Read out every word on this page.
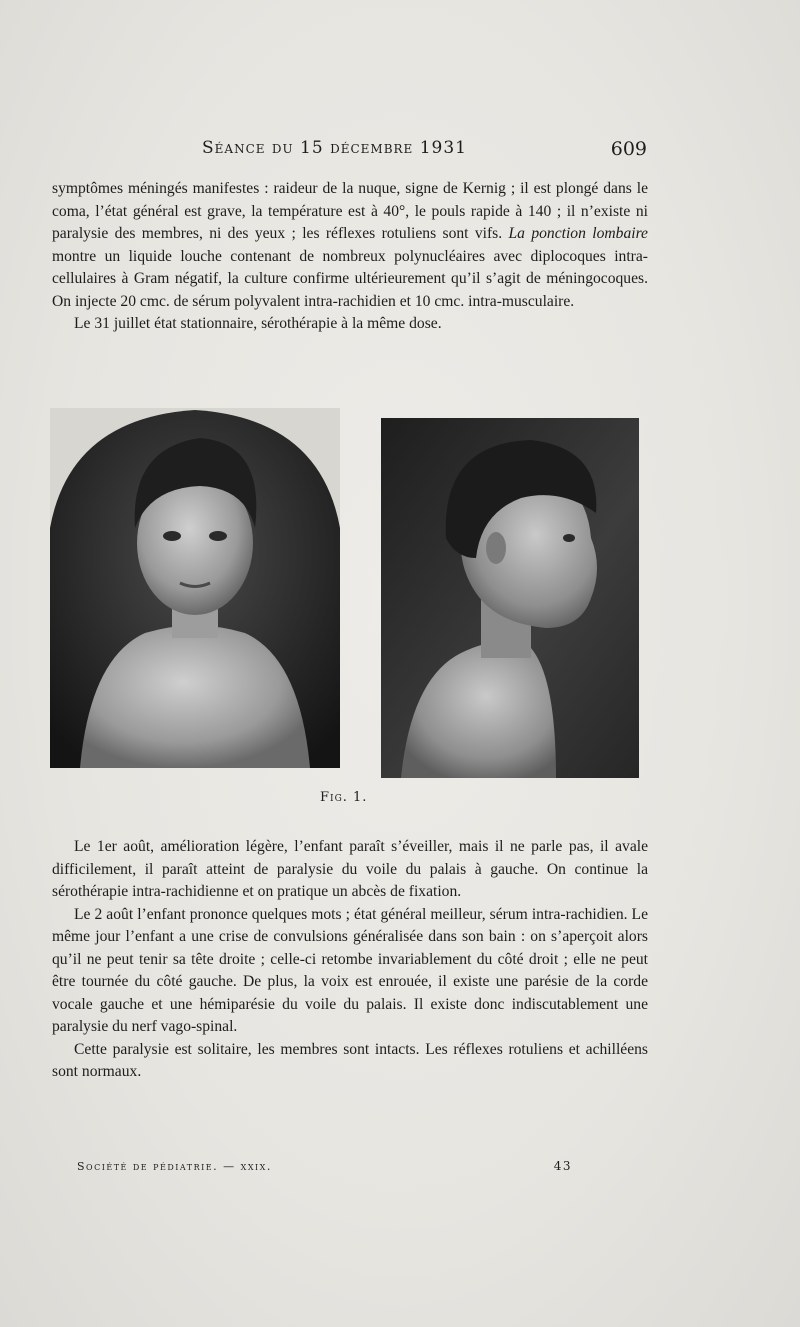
Séance du 15 décembre 1931	609

symptômes méningés manifestes : raideur de la nuque, signe de Kernig ; il est plongé dans le coma, l’état général est grave, la température est à 40°, le pouls rapide à 140 ; il n’existe ni paralysie des membres, ni des yeux ; les réflexes rotuliens sont vifs. La ponction lombaire montre un liquide louche contenant de nombreux polynucléaires avec diplocoques intra-cellulaires à Gram négatif, la culture confirme ultérieurement qu’il s’agit de méningocoques. On injecte 20 cmc. de sérum polyvalent intra-rachidien et 10 cmc. intra-musculaire.

Le 31 juillet état stationnaire, sérothérapie à la même dose.

Fig. 1.

Le 1er août, amélioration légère, l’enfant paraît s’éveiller, mais il ne parle pas, il avale difficilement, il paraît atteint de paralysie du voile du palais à gauche. On continue la sérothérapie intra-rachidienne et on pratique un abcès de fixation.

Le 2 août l’enfant prononce quelques mots ; état général meilleur, sérum intra-rachidien. Le même jour l’enfant a une crise de convulsions généralisée dans son bain : on s’aperçoit alors qu’il ne peut tenir sa tête droite ; celle-ci retombe invariablement du côté droit ; elle ne peut être tournée du côté gauche. De plus, la voix est enrouée, il existe une parésie de la corde vocale gauche et une hémiparésie du voile du palais. Il existe donc indiscutablement une paralysie du nerf vago-spinal.

Cette paralysie est solitaire, les membres sont intacts. Les réflexes rotuliens et achilléens sont normaux.

Société de pédiatrie. — xxix.	43
